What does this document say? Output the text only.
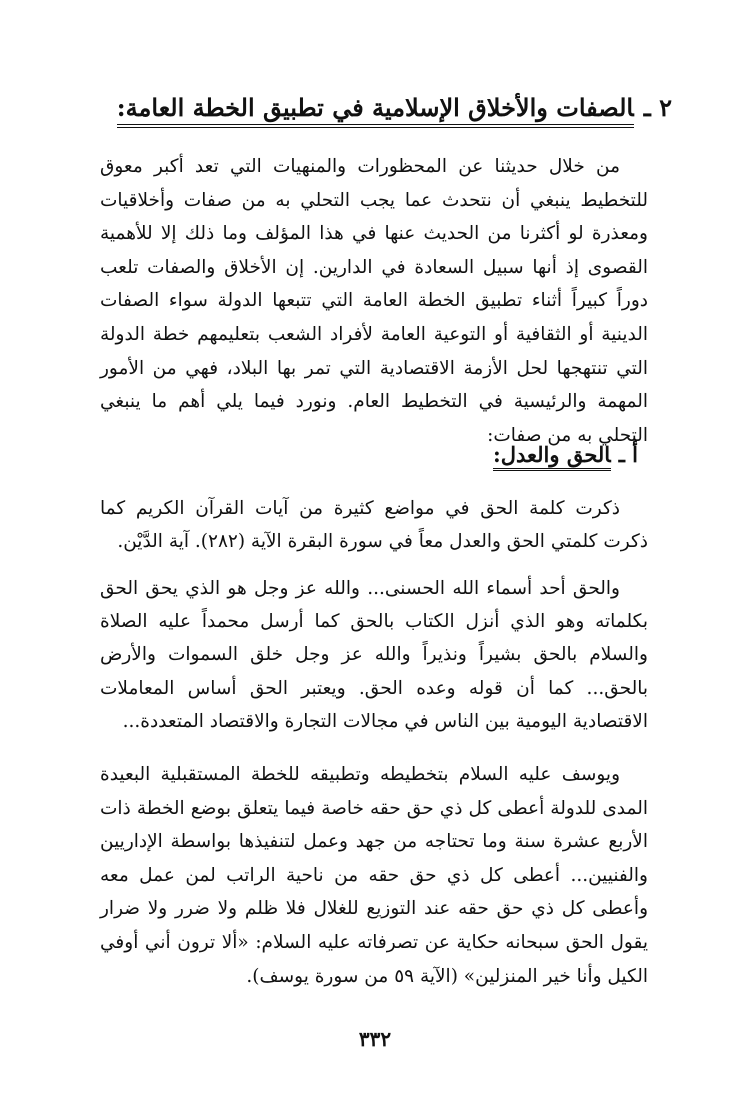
٢ ـالصفات والأخلاق الإسلامية في تطبيق الخطة العامة:
من خلال حديثنا عن المحظورات والمنهيات التي تعد أكبر معوق للتخطيط ينبغي أن نتحدث عما يجب التحلي به من صفات وأخلاقيات ومعذرة لو أكثرنا من الحديث عنها في هذا المؤلف وما ذلك إلا للأهمية القصوى إذ أنها سبيل السعادة في الدارين. إن الأخلاق والصفات تلعب دوراً كبيراً أثناء تطبيق الخطة العامة التي تتبعها الدولة سواء الصفات الدينية أو الثقافية أو التوعية العامة لأفراد الشعب بتعليمهم خطة الدولة التي تنتهجها لحل الأزمة الاقتصادية التي تمر بها البلاد، فهي من الأمور المهمة والرئيسية في التخطيط العام. ونورد فيما يلي أهم ما ينبغي التحلي به من صفات:
أ ـالحق والعدل:
ذكرت كلمة الحق في مواضع كثيرة من آيات القرآن الكريم كما ذكرت كلمتي الحق والعدل معاً في سورة البقرة الآية (٢٨٢). آية الدَّيْن.
والحق أحد أسماء الله الحسنى... والله عز وجل هو الذي يحق الحق بكلماته وهو الذي أنزل الكتاب بالحق كما أرسل محمداً عليه الصلاة والسلام بالحق بشيراً ونذيراً والله عز وجل خلق السموات والأرض بالحق... كما أن قوله وعده الحق. ويعتبر الحق أساس المعاملات الاقتصادية اليومية بين الناس في مجالات التجارة والاقتصاد المتعددة...
ويوسف عليه السلام بتخطيطه وتطبيقه للخطة المستقبلية البعيدة المدى للدولة أعطى كل ذي حق حقه خاصة فيما يتعلق بوضع الخطة ذات الأربع عشرة سنة وما تحتاجه من جهد وعمل لتنفيذها بواسطة الإداريين والفنيين... أعطى كل ذي حق حقه من ناحية الراتب لمن عمل معه وأعطى كل ذي حق حقه عند التوزيع للغلال فلا ظلم ولا ضرر ولا ضرار يقول الحق سبحانه حكاية عن تصرفاته عليه السلام: «ألا ترون أني أوفي الكيل وأنا خير المنزلين» (الآية ٥٩ من سورة يوسف).
٣٣٢
